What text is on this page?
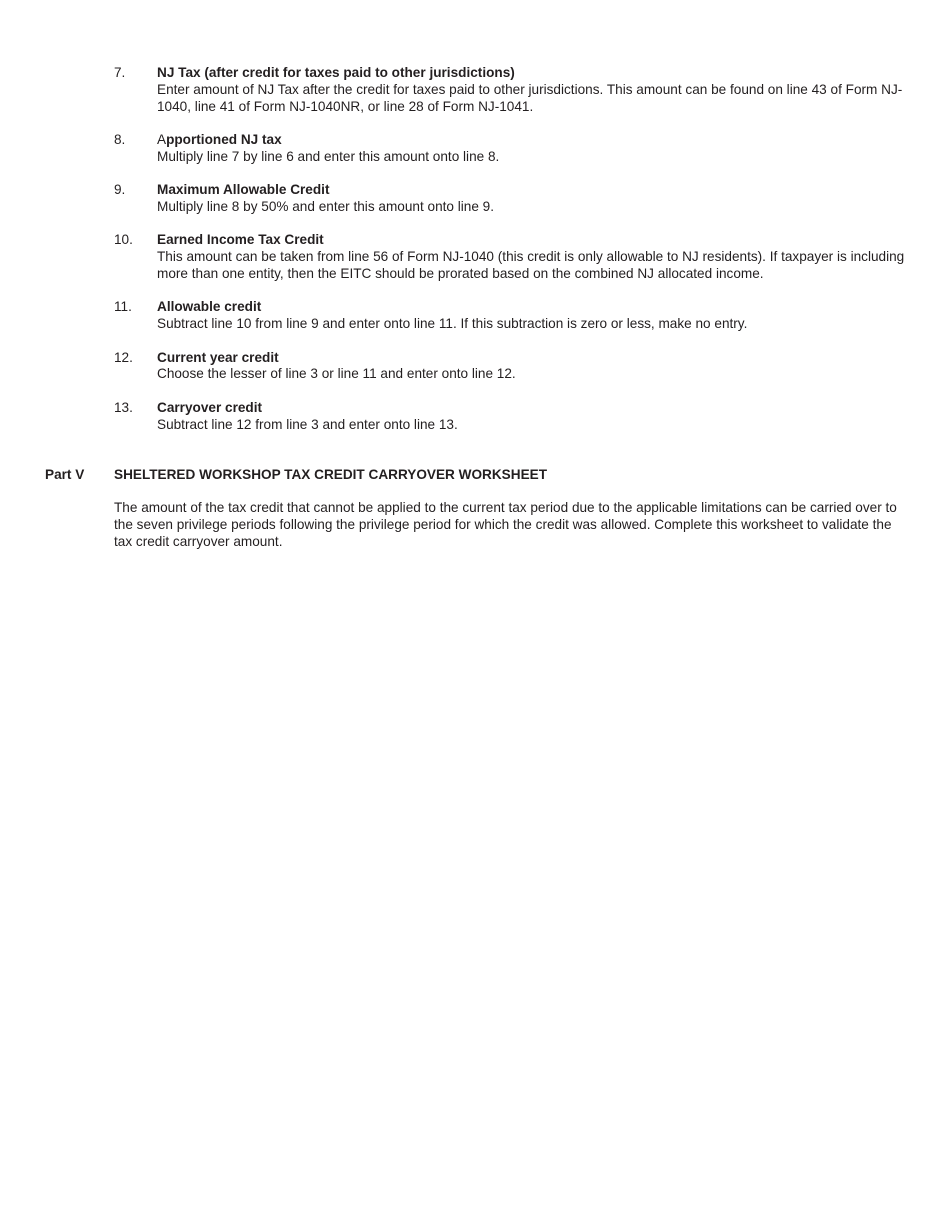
7. NJ Tax (after credit for taxes paid to other jurisdictions)
Enter amount of NJ Tax after the credit for taxes paid to other jurisdictions. This amount can be found on line 43 of Form NJ-1040, line 41 of Form NJ-1040NR, or line 28 of Form NJ-1041.
8. Apportioned NJ tax
Multiply line 7 by line 6 and enter this amount onto line 8.
9. Maximum Allowable Credit
Multiply line 8 by 50% and enter this amount onto line 9.
10. Earned Income Tax Credit
This amount can be taken from line 56 of Form NJ-1040 (this credit is only allowable to NJ residents). If taxpayer is including more than one entity, then the EITC should be prorated based on the combined NJ allocated income.
11. Allowable credit
Subtract line 10 from line 9 and enter onto line 11. If this subtraction is zero or less, make no entry.
12. Current year credit
Choose the lesser of line 3 or line 11 and enter onto line 12.
13. Carryover credit
Subtract line 12 from line 3 and enter onto line 13.
Part V SHELTERED WORKSHOP TAX CREDIT CARRYOVER WORKSHEET
The amount of the tax credit that cannot be applied to the current tax period due to the applicable limitations can be carried over to the seven privilege periods following the privilege period for which the credit was allowed. Complete this worksheet to validate the tax credit carryover amount.
